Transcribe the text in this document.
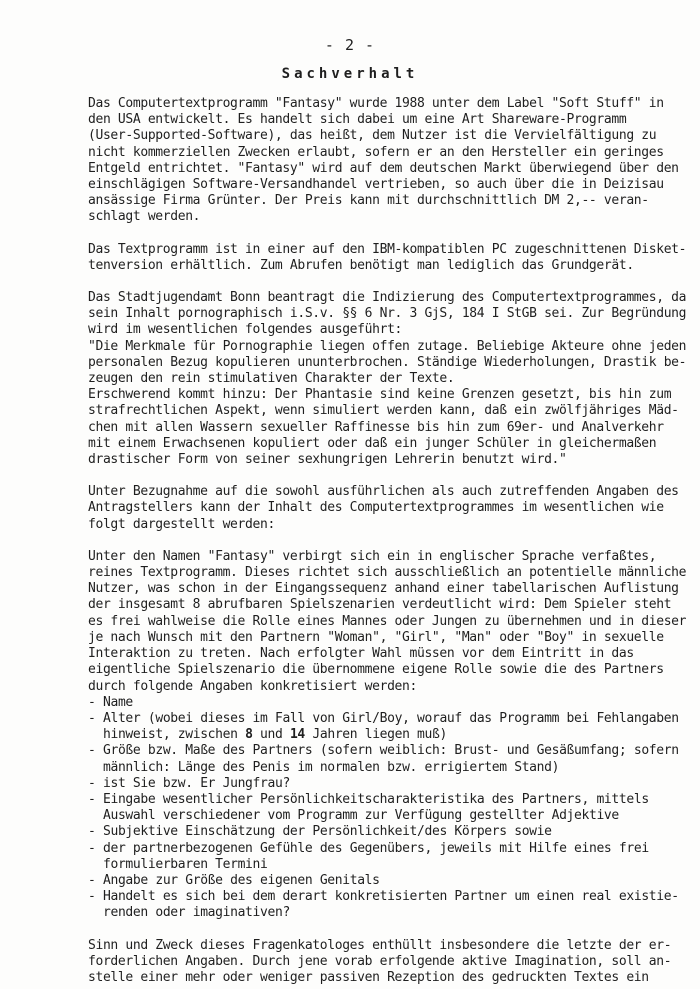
- 2 -
Sachverhalt

Das Computertextprogramm "Fantasy" wurde 1988 unter dem Label "Soft Stuff" in
den USA entwickelt. Es handelt sich dabei um eine Art Shareware-Programm
(User-Supported-Software), das heißt, dem Nutzer ist die Vervielfältigung zu
nicht kommerziellen Zwecken erlaubt, sofern er an den Hersteller ein geringes
Entgeld entrichtet. "Fantasy" wird auf dem deutschen Markt überwiegend über den
einschlägigen Software-Versandhandel vertrieben, so auch über die in Deizisau
ansässige Firma Grünter. Der Preis kann mit durchschnittlich DM 2,-- veran-
schlagt werden.

Das Textprogramm ist in einer auf den IBM-kompatiblen PC zugeschnittenen Disket-
tenversion erhältlich. Zum Abrufen benötigt man lediglich das Grundgerät.

Das Stadtjugendamt Bonn beantragt die Indizierung des Computertextprogrammes, da
sein Inhalt pornographisch i.S.v. §§ 6 Nr. 3 GjS, 184 I StGB sei. Zur Begründung
wird im wesentlichen folgendes ausgeführt:
"Die Merkmale für Pornographie liegen offen zutage. Beliebige Akteure ohne jeden
personalen Bezug kopulieren ununterbrochen. Ständige Wiederholungen, Drastik be-
zeugen den rein stimulativen Charakter der Texte.
Erschwerend kommt hinzu: Der Phantasie sind keine Grenzen gesetzt, bis hin zum
strafrechtlichen Aspekt, wenn simuliert werden kann, daß ein zwölfjähriges Mäd-
chen mit allen Wassern sexueller Raffinesse bis hin zum 69er- und Analverkehr
mit einem Erwachsenen kopuliert oder daß ein junger Schüler in gleichermaßen
drastischer Form von seiner sexhungrigen Lehrerin benutzt wird."

Unter Bezugnahme auf die sowohl ausführlichen als auch zutreffenden Angaben des
Antragstellers kann der Inhalt des Computertextprogrammes im wesentlichen wie
folgt dargestellt werden:

Unter den Namen "Fantasy" verbirgt sich ein in englischer Sprache verfaßtes,
reines Textprogramm. Dieses richtet sich ausschließlich an potentielle männliche
Nutzer, was schon in der Eingangssequenz anhand einer tabellarischen Auflistung
der insgesamt 8 abrufbaren Spielszenarien verdeutlicht wird: Dem Spieler steht
es frei wahlweise die Rolle eines Mannes oder Jungen zu übernehmen und in dieser
je nach Wunsch mit den Partnern "Woman", "Girl", "Man" oder "Boy" in sexuelle
Interaktion zu treten. Nach erfolgter Wahl müssen vor dem Eintritt in das
eigentliche Spielszenario die übernommene eigene Rolle sowie die des Partners
durch folgende Angaben konkretisiert werden:

- Name
- Alter (wobei dieses im Fall von Girl/Boy, worauf das Programm bei Fehlangaben
hinweist, zwischen 8 und 14 Jahren liegen muß)
- Größe bzw. Maße des Partners (sofern weiblich: Brust- und Gesäßumfang; sofern
männlich: Länge des Penis im normalen bzw. errigiertem Stand)
- ist Sie bzw. Er Jungfrau?
- Eingabe wesentlicher Persönlichkeitscharakteristika des Partners, mittels
Auswahl verschiedener vom Programm zur Verfügung gestellter Adjektive
- Subjektive Einschätzung der Persönlichkeit/des Körpers sowie
- der partnerbezogenen Gefühle des Gegenübers, jeweils mit Hilfe eines frei
formulierbaren Termini
- Angabe zur Größe des eigenen Genitals
- Handelt es sich bei dem derart konkretisierten Partner um einen real existie-
renden oder imaginativen?

Sinn und Zweck dieses Fragenkatologes enthüllt insbesondere die letzte der er-
forderlichen Angaben. Durch jene vorab erfolgende aktive Imagination, soll an-
stelle einer mehr oder weniger passiven Rezeption des gedruckten Textes ein
